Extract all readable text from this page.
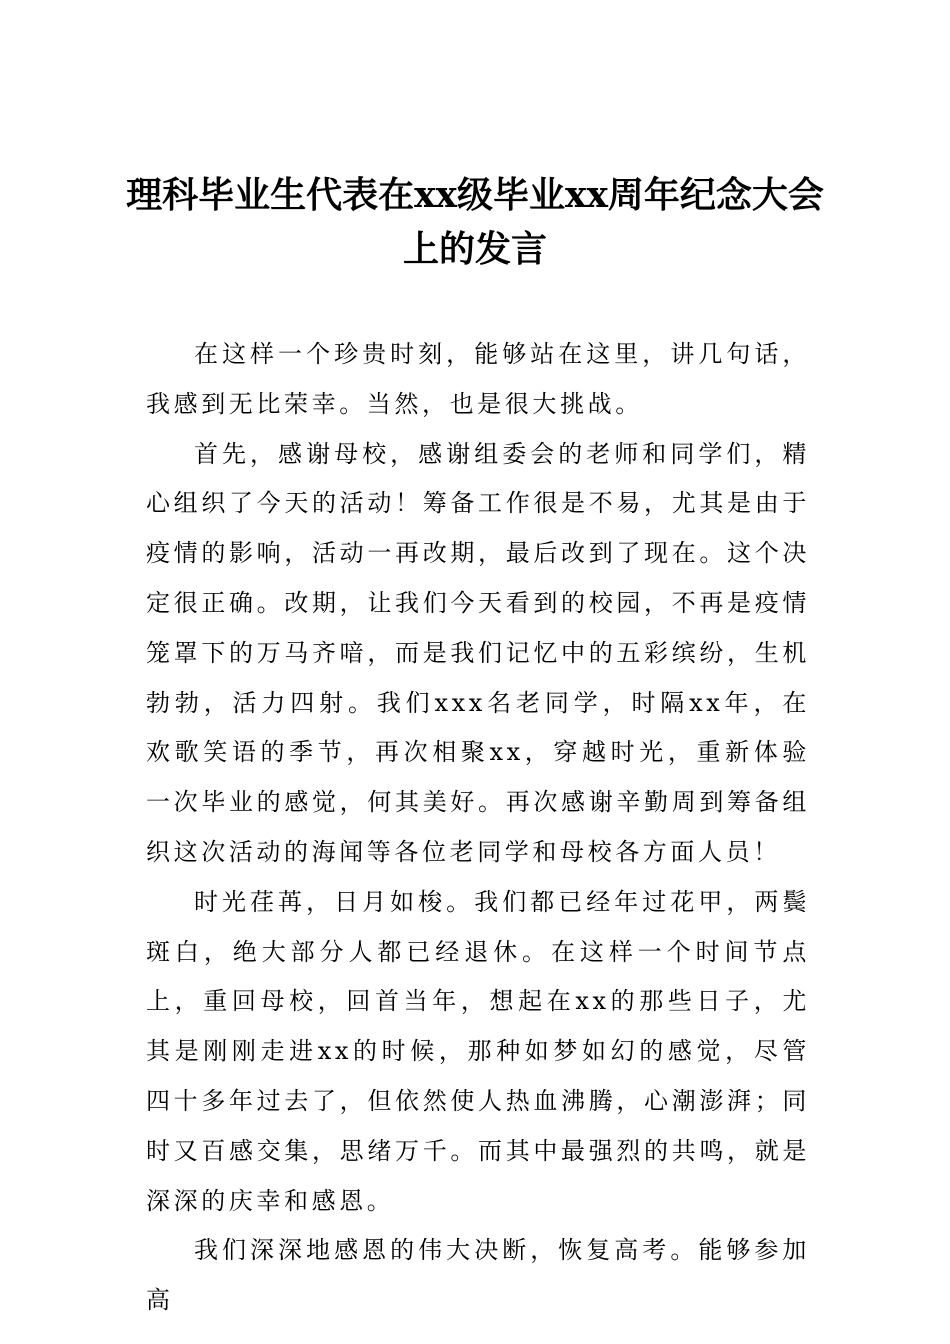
理科毕业生代表在xx级毕业xx周年纪念大会上的发言

在这样一个珍贵时刻，能够站在这里，讲几句话，我感到无比荣幸。当然，也是很大挑战。

首先，感谢母校，感谢组委会的老师和同学们，精心组织了今天的活动！筹备工作很是不易，尤其是由于疫情的影响，活动一再改期，最后改到了现在。这个决定很正确。改期，让我们今天看到的校园，不再是疫情笼罩下的万马齐喑，而是我们记忆中的五彩缤纷，生机勃勃，活力四射。我们xxx名老同学，时隔xx年，在欢歌笑语的季节，再次相聚xx，穿越时光，重新体验一次毕业的感觉，何其美好。再次感谢辛勤周到筹备组织这次活动的海闻等各位老同学和母校各方面人员！

时光荏苒，日月如梭。我们都已经年过花甲，两鬓斑白，绝大部分人都已经退休。在这样一个时间节点上，重回母校，回首当年，想起在xx的那些日子，尤其是刚刚走进xx的时候，那种如梦如幻的感觉，尽管四十多年过去了，但依然使人热血沸腾，心潮澎湃；同时又百感交集，思绪万千。而其中最强烈的共鸣，就是深深的庆幸和感恩。

我们深深地感恩的伟大决断，恢复高考。能够参加高
